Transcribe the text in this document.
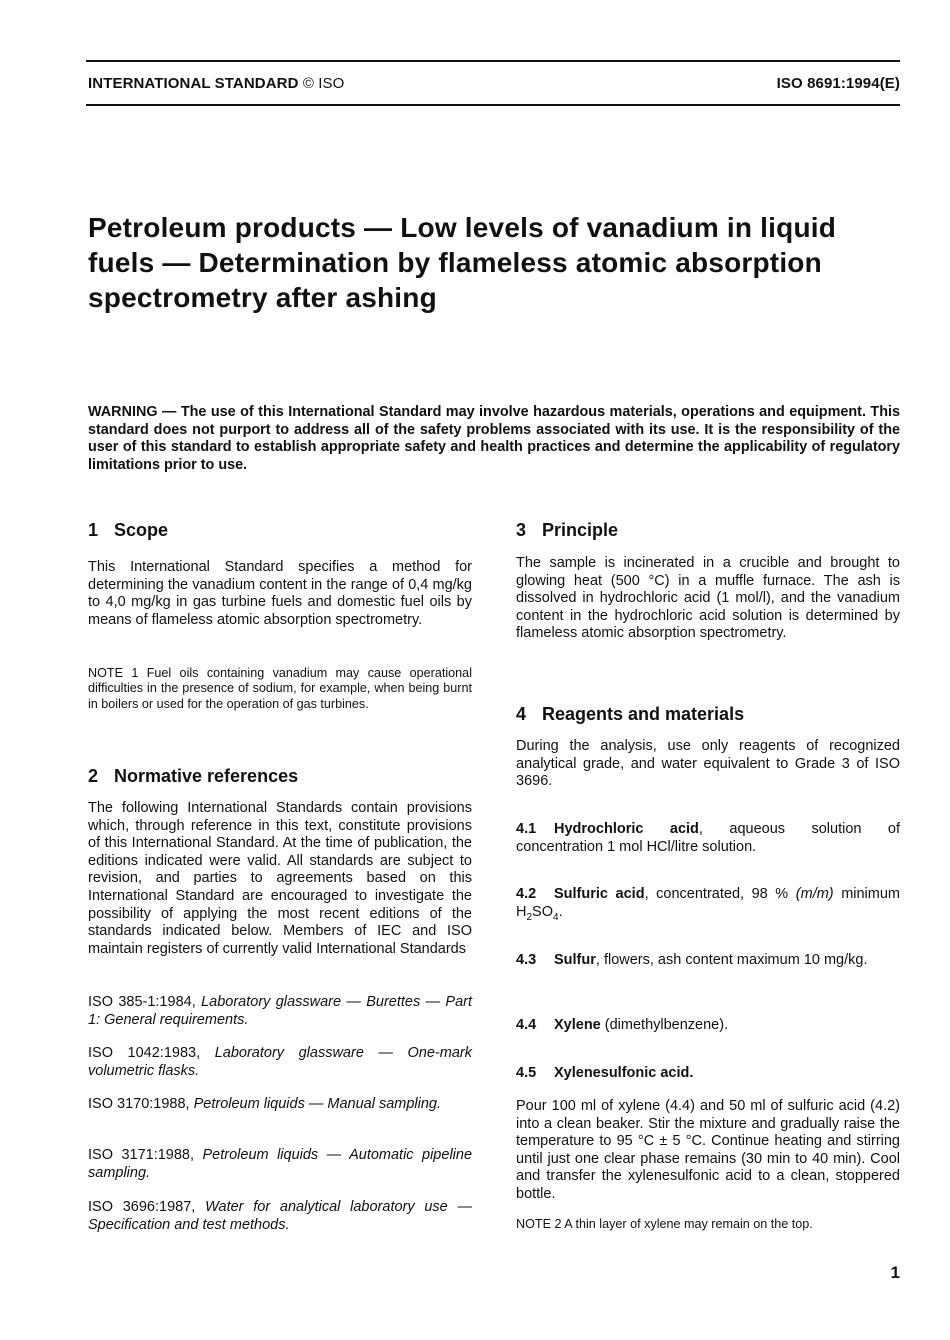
INTERNATIONAL STANDARD © ISO	ISO 8691:1994(E)
Petroleum products — Low levels of vanadium in liquid fuels — Determination by flameless atomic absorption spectrometry after ashing

WARNING — The use of this International Standard may involve hazardous materials, operations and equipment. This standard does not purport to address all of the safety problems associated with its use. It is the responsibility of the user of this standard to establish appropriate safety and health practices and determine the applicability of regulatory limitations prior to use.

1 Scope

This International Standard specifies a method for determining the vanadium content in the range of 0,4 mg/kg to 4,0 mg/kg in gas turbine fuels and domestic fuel oils by means of flameless atomic absorption spectrometry.

NOTE 1 Fuel oils containing vanadium may cause operational difficulties in the presence of sodium, for example, when being burnt in boilers or used for the operation of gas turbines.

2 Normative references

The following International Standards contain provisions which, through reference in this text, constitute provisions of this International Standard. At the time of publication, the editions indicated were valid. All standards are subject to revision, and parties to agreements based on this International Standard are encouraged to investigate the possibility of applying the most recent editions of the standards indicated below. Members of IEC and ISO maintain registers of currently valid International Standards

ISO 385-1:1984, Laboratory glassware — Burettes — Part 1: General requirements.

ISO 1042:1983, Laboratory glassware — One-mark volumetric flasks.

ISO 3170:1988, Petroleum liquids — Manual sampling.

ISO 3171:1988, Petroleum liquids — Automatic pipeline sampling.

ISO 3696:1987, Water for analytical laboratory use — Specification and test methods.

3 Principle

The sample is incinerated in a crucible and brought to glowing heat (500 °C) in a muffle furnace. The ash is dissolved in hydrochloric acid (1 mol/l), and the vanadium content in the hydrochloric acid solution is determined by flameless atomic absorption spectrometry.

4 Reagents and materials

During the analysis, use only reagents of recognized analytical grade, and water equivalent to Grade 3 of ISO 3696.

4.1 Hydrochloric acid, aqueous solution of concentration 1 mol HCl/litre solution.

4.2 Sulfuric acid, concentrated, 98 % (m/m) minimum $H_2SO_4$.

4.3 Sulfur, flowers, ash content maximum 10 mg/kg.

4.4 Xylene (dimethylbenzene).

4.5 Xylenesulfonic acid.

Pour 100 ml of xylene (4.4) and 50 ml of sulfuric acid (4.2) into a clean beaker. Stir the mixture and gradually raise the temperature to 95 °C ± 5 °C. Continue heating and stirring until just one clear phase remains (30 min to 40 min). Cool and transfer the xylenesulfonic acid to a clean, stoppered bottle.

NOTE 2 A thin layer of xylene may remain on the top.

1
